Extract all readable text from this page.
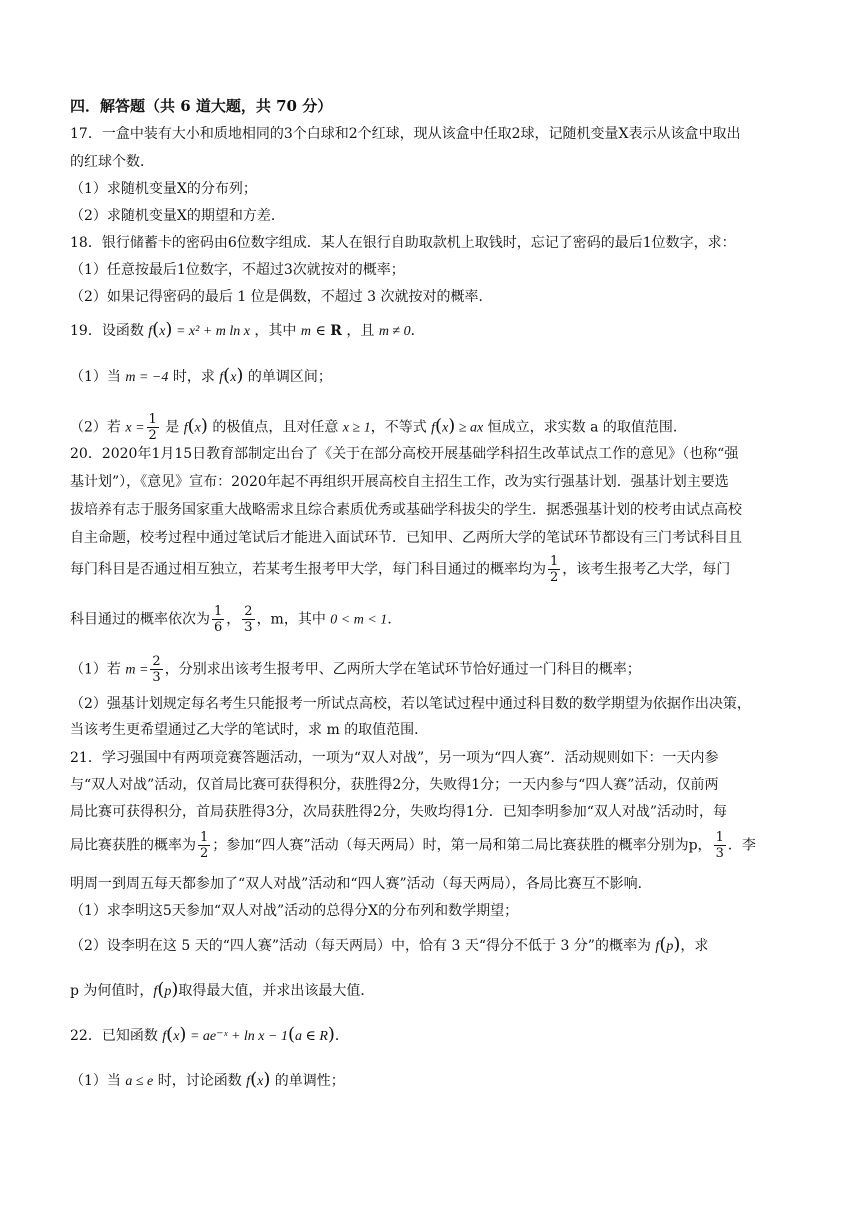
四．解答题（共 6 道大题，共 70 分）
17．一盒中装有大小和质地相同的3个白球和2个红球，现从该盒中任取2球，记随机变量X表示从该盒中取出
的红球个数．
（1）求随机变量X的分布列；
（2）求随机变量X的期望和方差．
18．银行储蓄卡的密码由6位数字组成．某人在银行自助取款机上取钱时，忘记了密码的最后1位数字，求：
（1）任意按最后1位数字，不超过3次就按对的概率；
（2）如果记得密码的最后 1 位是偶数，不超过 3 次就按对的概率．
19．设函数 f(x) = x² + m ln x ，其中 m ∈ R ，且 m ≠ 0．
（1）当 m = −4 时，求 f(x) 的单调区间；
（2）若 $x = \frac{1}{2}$ 是 f(x) 的极值点，且对任意 x ≥ 1，不等式 f(x) ≥ ax 恒成立，求实数 a 的取值范围．
20．2020年1月15日教育部制定出台了《关于在部分高校开展基础学科招生改革试点工作的意见》（也称“强
基计划”），《意见》宣布：2020年起不再组织开展高校自主招生工作，改为实行强基计划．强基计划主要选
拔培养有志于服务国家重大战略需求且综合素质优秀或基础学科拔尖的学生．据悉强基计划的校考由试点高校
自主命题，校考过程中通过笔试后才能进入面试环节．已知甲、乙两所大学的笔试环节都设有三门考试科目且
每门科目是否通过相互独立，若某考生报考甲大学，每门科目通过的概率均为 $\frac{1}{2}$ ，该考生报考乙大学，每门
科目通过的概率依次为 $\frac{1}{6}$ ， $\frac{2}{3}$ ，m，其中 0 < m < 1．
（1）若 $m = \frac{2}{3}$ ，分别求出该考生报考甲、乙两所大学在笔试环节恰好通过一门科目的概率；
（2）强基计划规定每名考生只能报考一所试点高校，若以笔试过程中通过科目数的数学期望为依据作出决策，
当该考生更希望通过乙大学的笔试时，求 m 的取值范围．
21．学习强国中有两项竞赛答题活动，一项为“双人对战”，另一项为“四人赛”．活动规则如下：一天内参
与“双人对战”活动，仅首局比赛可获得积分，获胜得2分，失败得1分；一天内参与“四人赛”活动，仅前两
局比赛可获得积分，首局获胜得3分，次局获胜得2分，失败均得1分．已知李明参加“双人对战”活动时，每
局比赛获胜的概率为 $\frac{1}{2}$ ；参加“四人赛”活动（每天两局）时，第一局和第二局比赛获胜的概率分别为p， $\frac{1}{3}$ ．李
明周一到周五每天都参加了“双人对战”活动和“四人赛”活动（每天两局），各局比赛互不影响．
（1）求李明这5天参加“双人对战”活动的总得分X的分布列和数学期望；
（2）设李明在这 5 天的“四人赛”活动（每天两局）中，恰有 3 天“得分不低于 3 分”的概率为 f(p)，求
p 为何值时，f(p)取得最大值，并求出该最大值．
22．已知函数 f(x) = ae⁻ˣ + ln x − 1(a ∈ R)．
（1）当 a ≤ e 时，讨论函数 f(x) 的单调性；
